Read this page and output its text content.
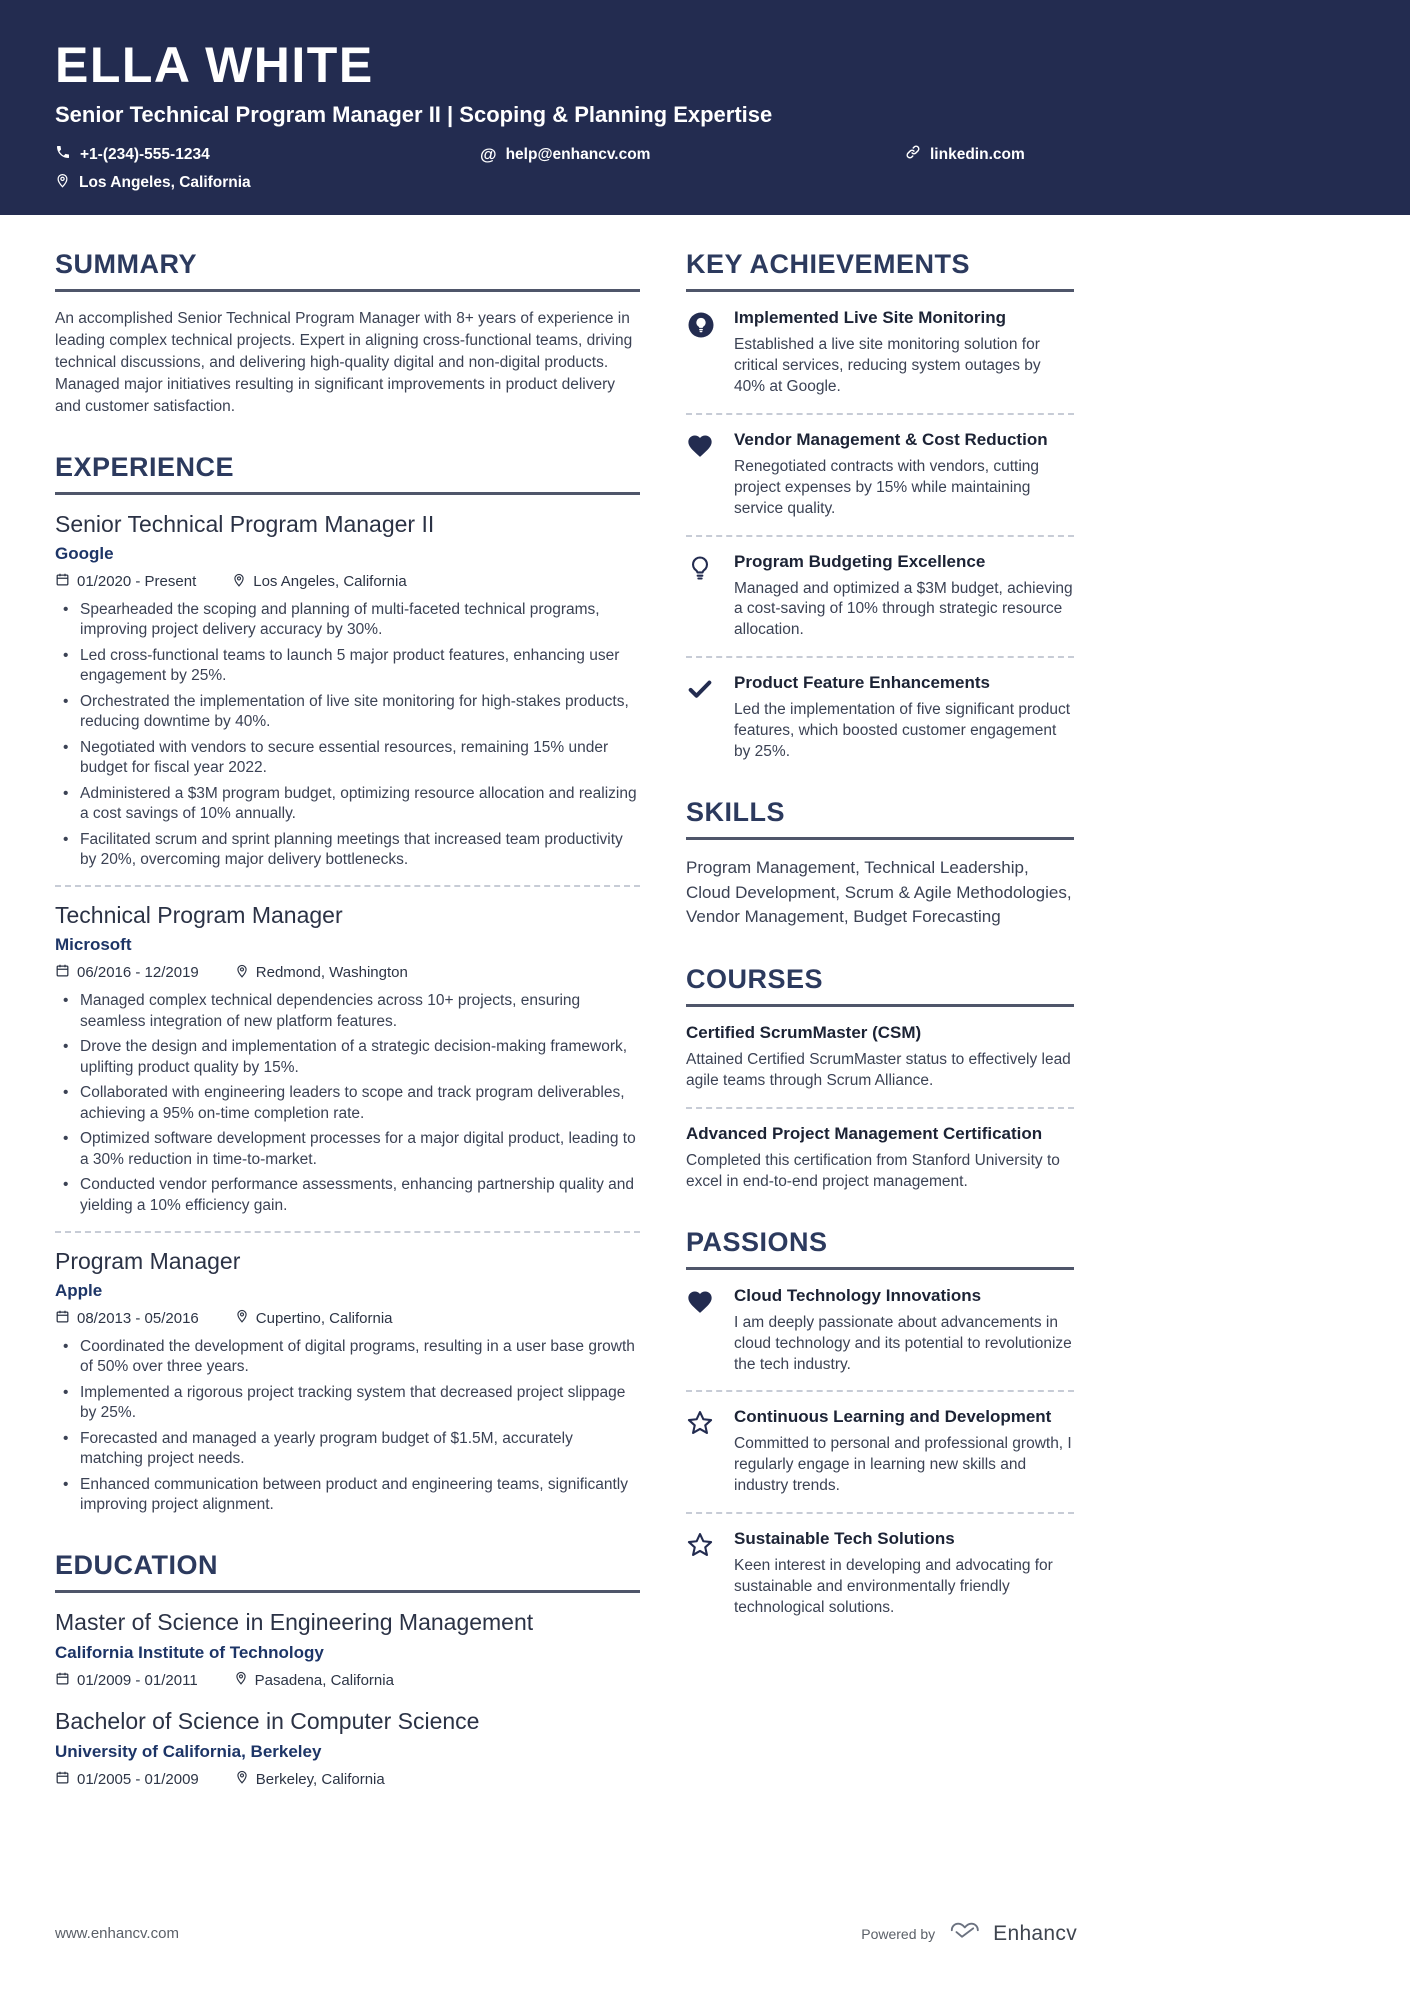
ELLA WHITE
Senior Technical Program Manager II | Scoping & Planning Expertise
+1-(234)-555-1234	@ help@enhancv.com	linkedin.com
Los Angeles, California
SUMMARY

An accomplished Senior Technical Program Manager with 8+ years of experience in leading complex technical projects. Expert in aligning cross-functional teams, driving technical discussions, and delivering high-quality digital and non-digital products. Managed major initiatives resulting in significant improvements in product delivery and customer satisfaction.

EXPERIENCE
Senior Technical Program Manager II
Google
01/2020 - Present	Los Angeles, California
• Spearheaded the scoping and planning of multi-faceted technical programs, improving project delivery accuracy by 30%.
• Led cross-functional teams to launch 5 major product features, enhancing user engagement by 25%.
• Orchestrated the implementation of live site monitoring for high-stakes products, reducing downtime by 40%.
• Negotiated with vendors to secure essential resources, remaining 15% under budget for fiscal year 2022.
• Administered a $3M program budget, optimizing resource allocation and realizing a cost savings of 10% annually.
• Facilitated scrum and sprint planning meetings that increased team productivity by 20%, overcoming major delivery bottlenecks.
Technical Program Manager
Microsoft
06/2016 - 12/2019	Redmond, Washington
• Managed complex technical dependencies across 10+ projects, ensuring seamless integration of new platform features.
• Drove the design and implementation of a strategic decision-making framework, uplifting product quality by 15%.
• Collaborated with engineering leaders to scope and track program deliverables, achieving a 95% on-time completion rate.
• Optimized software development processes for a major digital product, leading to a 30% reduction in time-to-market.
• Conducted vendor performance assessments, enhancing partnership quality and yielding a 10% efficiency gain.
Program Manager
Apple
08/2013 - 05/2016	Cupertino, California
• Coordinated the development of digital programs, resulting in a user base growth of 50% over three years.
• Implemented a rigorous project tracking system that decreased project slippage by 25%.
• Forecasted and managed a yearly program budget of $1.5M, accurately matching project needs.
• Enhanced communication between product and engineering teams, significantly improving project alignment.
EDUCATION
Master of Science in Engineering Management
California Institute of Technology
01/2009 - 01/2011	Pasadena, California
Bachelor of Science in Computer Science
University of California, Berkeley
01/2005 - 01/2009	Berkeley, California
KEY ACHIEVEMENTS
Implemented Live Site Monitoring
Established a live site monitoring solution for critical services, reducing system outages by 40% at Google.
Vendor Management & Cost Reduction
Renegotiated contracts with vendors, cutting project expenses by 15% while maintaining service quality.
Program Budgeting Excellence
Managed and optimized a $3M budget, achieving a cost-saving of 10% through strategic resource allocation.
Product Feature Enhancements
Led the implementation of five significant product features, which boosted customer engagement by 25%.
SKILLS

Program Management, Technical Leadership, Cloud Development, Scrum & Agile Methodologies, Vendor Management, Budget Forecasting

COURSES
Certified ScrumMaster (CSM)
Attained Certified ScrumMaster status to effectively lead agile teams through Scrum Alliance.
Advanced Project Management Certification
Completed this certification from Stanford University to excel in end-to-end project management.
PASSIONS
Cloud Technology Innovations
I am deeply passionate about advancements in cloud technology and its potential to revolutionize the tech industry.
Continuous Learning and Development
Committed to personal and professional growth, I regularly engage in learning new skills and industry trends.
Sustainable Tech Solutions
Keen interest in developing and advocating for sustainable and environmentally friendly technological solutions.
www.enhancv.com	Powered by	Enhancv
